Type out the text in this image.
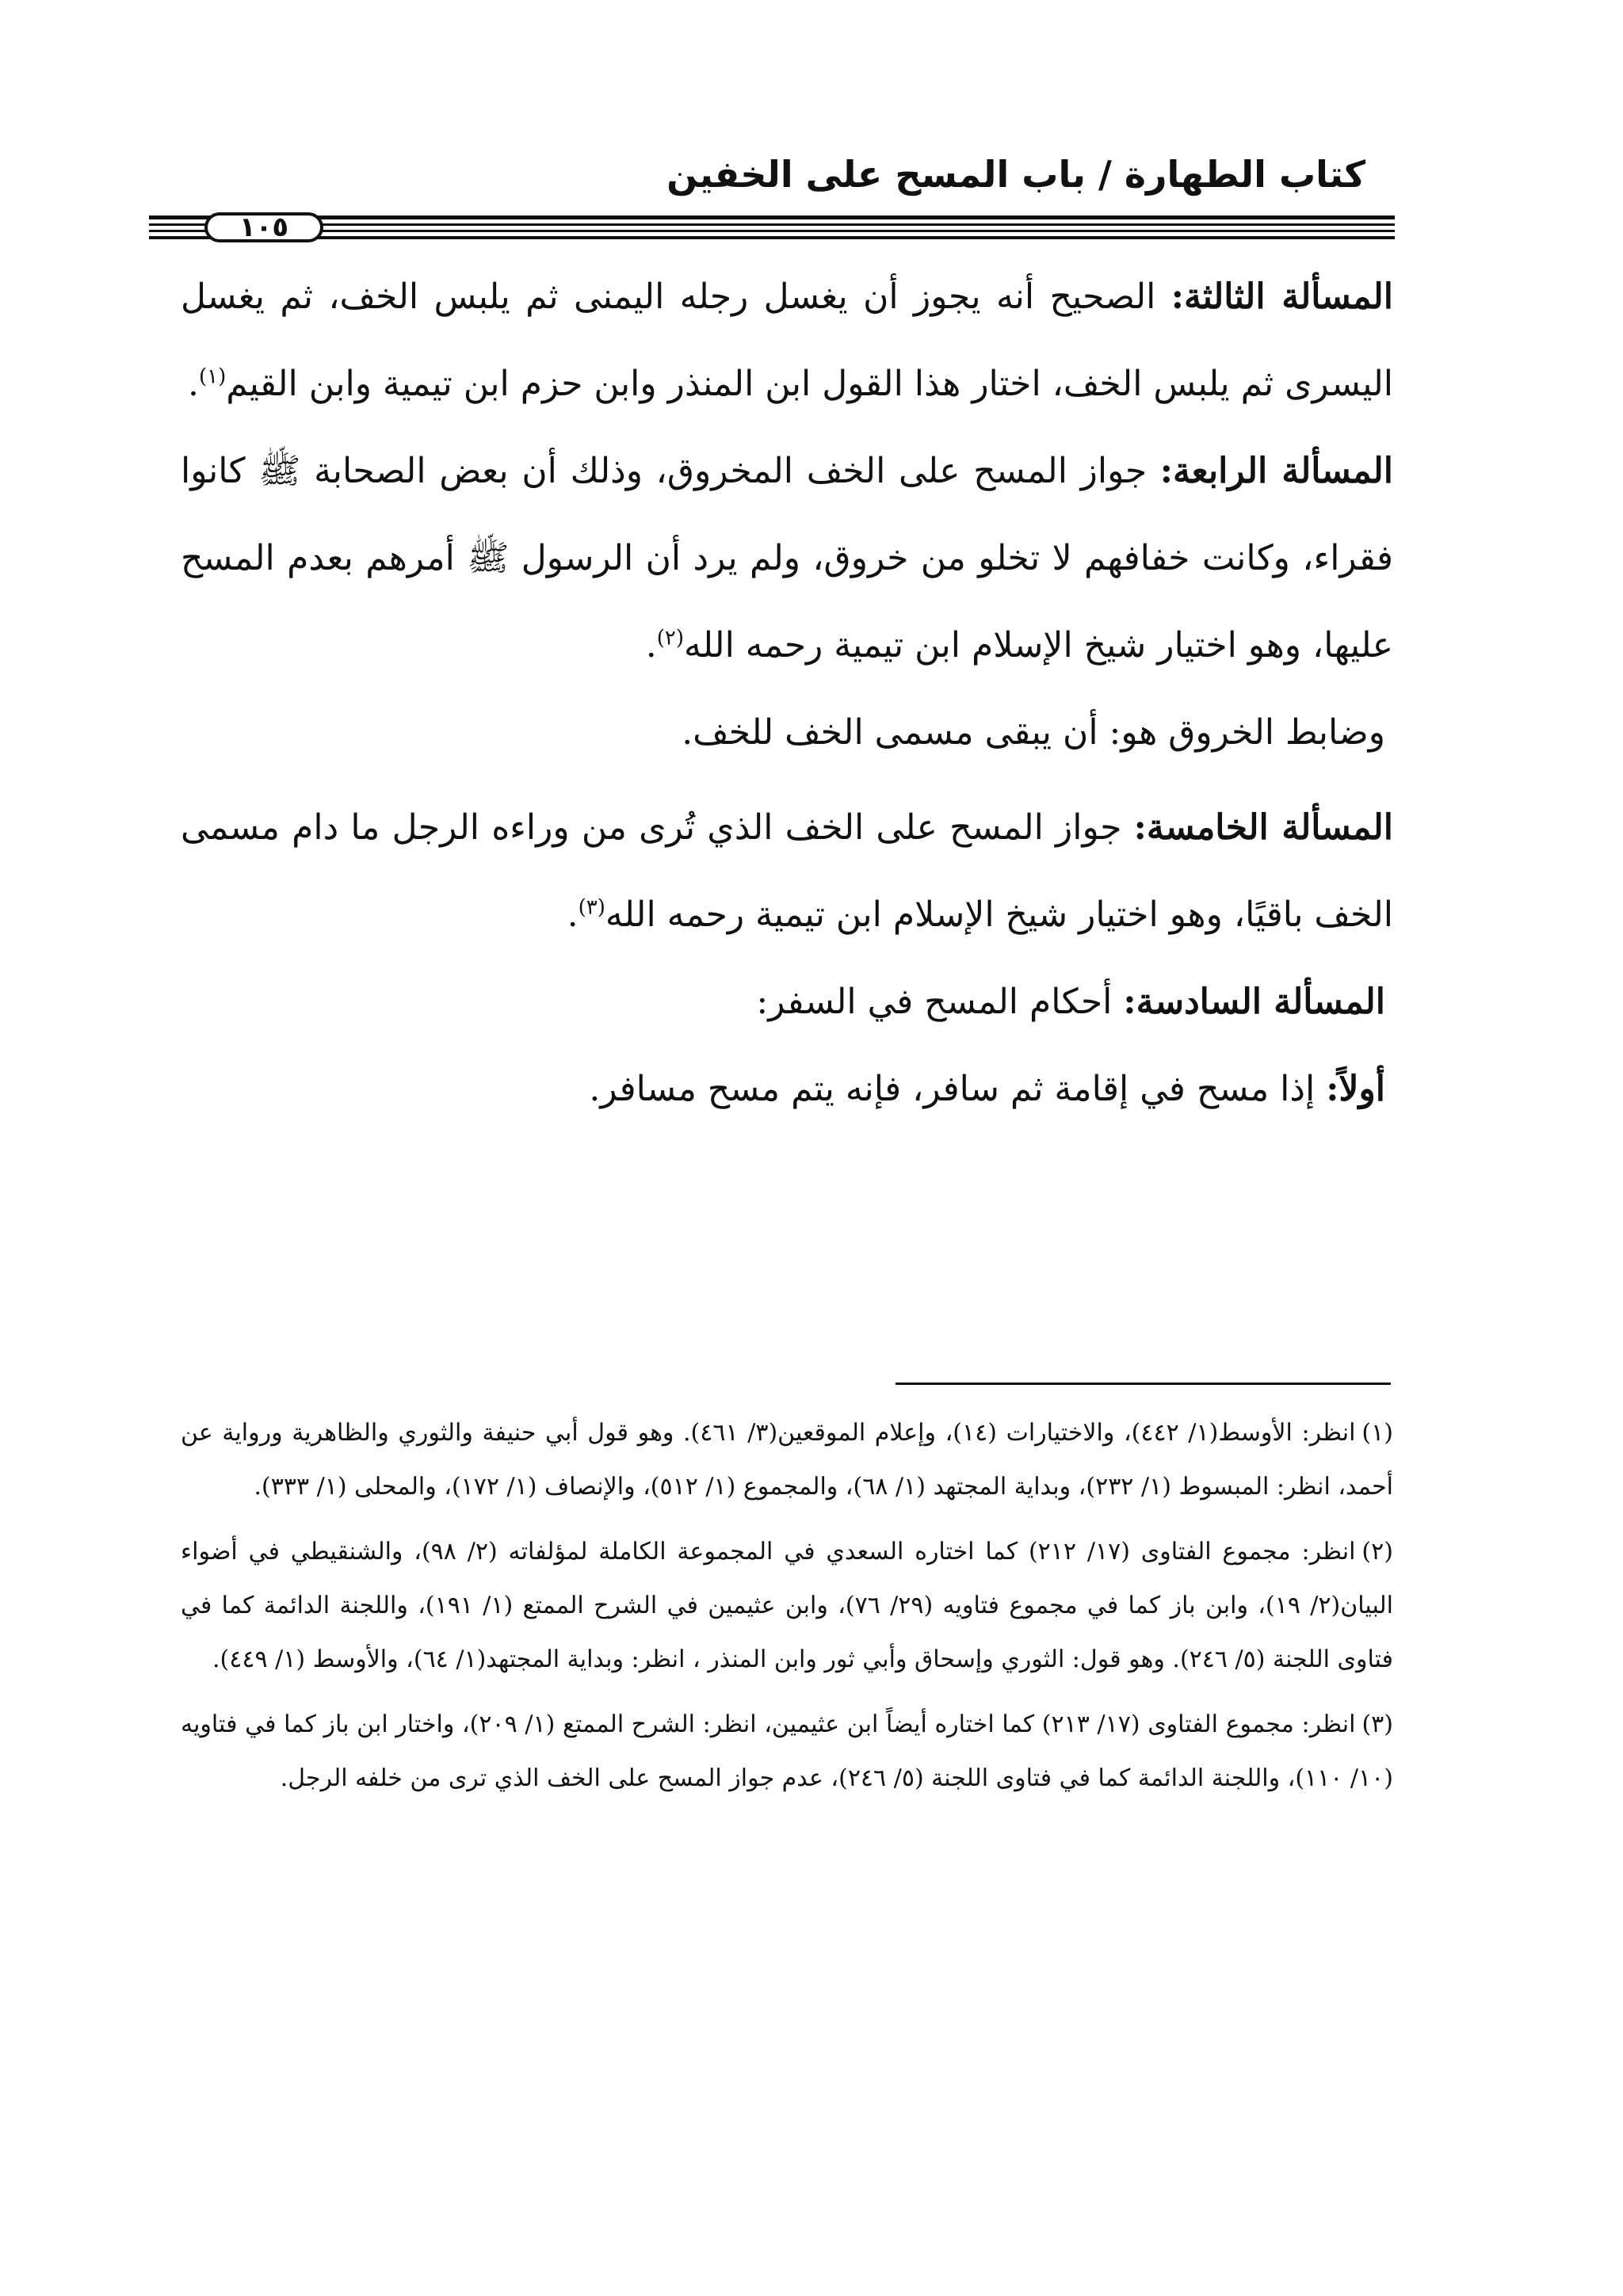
كتاب الطهارة / باب المسح على الخفين
١٠٥

المسألة الثالثة: الصحيح أنه يجوز أن يغسل رجله اليمنى ثم يلبس الخف، ثم يغسل اليسرى ثم يلبس الخف، اختار هذا القول ابن المنذر وابن حزم ابن تيمية وابن القيم$^{(١)}$.

المسألة الرابعة: جواز المسح على الخف المخروق، وذلك أن بعض الصحابة ﷺ كانوا فقراء، وكانت خفافهم لا تخلو من خروق، ولم يرد أن الرسول ﷺ أمرهم بعدم المسح عليها، وهو اختيار شيخ الإسلام ابن تيمية رحمه الله$^{(٢)}$.

وضابط الخروق هو: أن يبقى مسمى الخف للخف.

المسألة الخامسة: جواز المسح على الخف الذي تُرى من وراءه الرجل ما دام مسمى الخف باقيًا، وهو اختيار شيخ الإسلام ابن تيمية رحمه الله$^{(٣)}$.

المسألة السادسة: أحكام المسح في السفر:

أولاً: إذا مسح في إقامة ثم سافر، فإنه يتم مسح مسافر.

(١)انظر: الأوسط(١/ ٤٤٢)، والاختيارات (١٤)، وإعلام الموقعين(٣/ ٤٦١). وهو قول أبي حنيفة والثوري والظاهرية ورواية عن أحمد، انظر: المبسوط (١/ ٢٣٢)، وبداية المجتهد (١/ ٦٨)، والمجموع (١/ ٥١٢)، والإنصاف (١/ ١٧٢)، والمحلى (١/ ٣٣٣).

(٢)انظر: مجموع الفتاوى (١٧/ ٢١٢) كما اختاره السعدي في المجموعة الكاملة لمؤلفاته (٢/ ٩٨)، والشنقيطي في أضواء البيان(٢/ ١٩)، وابن باز كما في مجموع فتاويه (٢٩/ ٧٦)، وابن عثيمين في الشرح الممتع (١/ ١٩١)، واللجنة الدائمة كما في فتاوى اللجنة (٥/ ٢٤٦). وهو قول: الثوري وإسحاق وأبي ثور وابن المنذر ، انظر: وبداية المجتهد(١/ ٦٤)، والأوسط (١/ ٤٤٩).

(٣)انظر: مجموع الفتاوى (١٧/ ٢١٣) كما اختاره أيضاً ابن عثيمين، انظر: الشرح الممتع (١/ ٢٠٩)، واختار ابن باز كما في فتاويه (١٠/ ١١٠)، واللجنة الدائمة كما في فتاوى اللجنة (٥/ ٢٤٦)، عدم جواز المسح على الخف الذي ترى من خلفه الرجل.
